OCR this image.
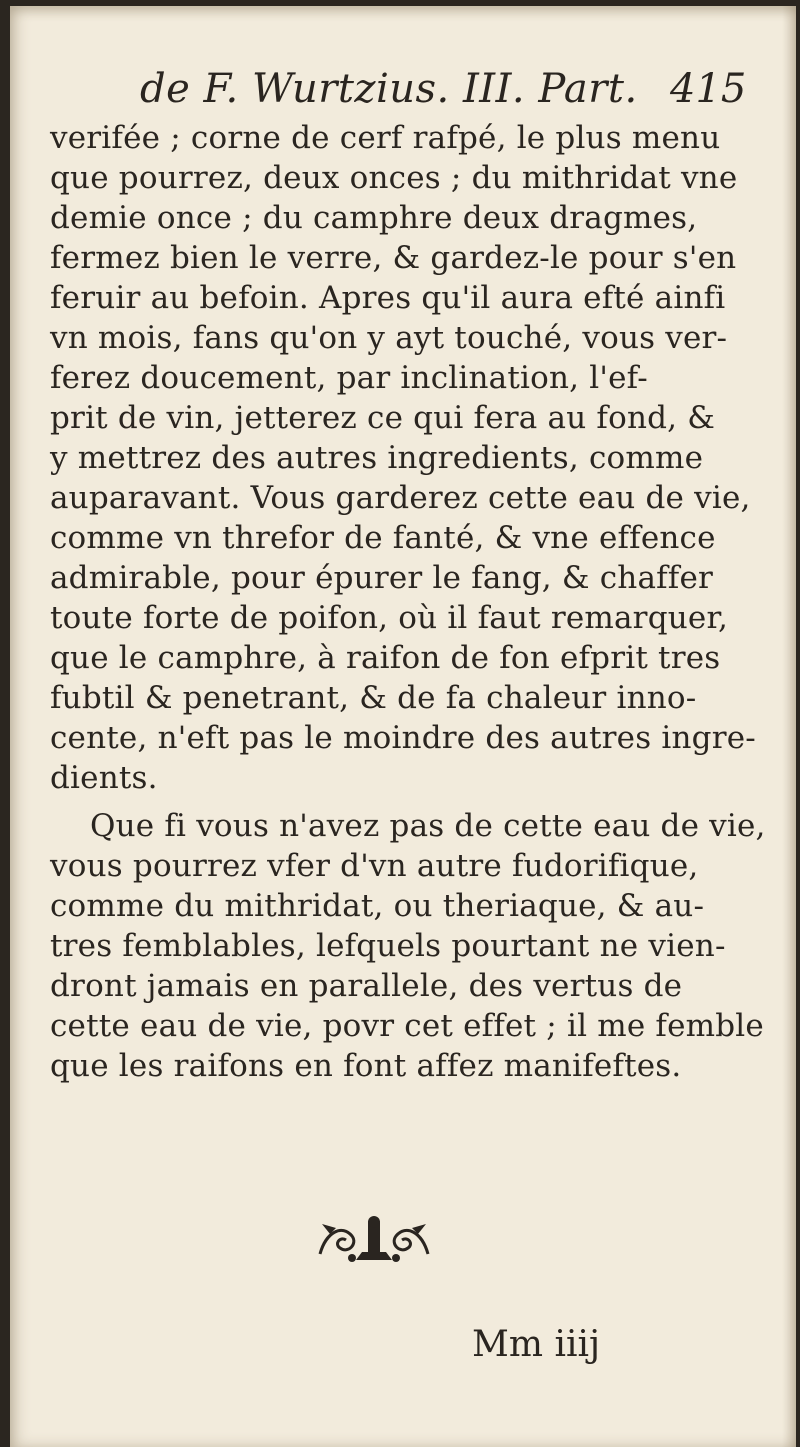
de F. Wurtzius. III. Part. 415
verifée ; corne de cerf rafpé, le plus menu
que pourrez, deux onces ; du mithridat vne
demie once ; du camphre deux dragmes,
fermez bien le verre, & gardez-le pour s'en
feruir au befoin. Apres qu'il aura efté ainfi
vn mois, fans qu'on y ayt touché, vous ver-
ferez doucement, par inclination, l'ef-
prit de vin, jetterez ce qui fera au fond, &
y mettrez des autres ingredients, comme
auparavant. Vous garderez cette eau de vie,
comme vn threfor de fanté, & vne effence
admirable, pour épurer le fang, & chaffer
toute forte de poifon, où il faut remarquer,
que le camphre, à raifon de fon efprit tres
fubtil & penetrant, & de fa chaleur inno-
cente, n'eft pas le moindre des autres ingre-
dients.
Que fi vous n'avez pas de cette eau de vie,
vous pourrez vfer d'vn autre fudorifique,
comme du mithridat, ou theriaque, & au-
tres femblables, lefquels pourtant ne vien-
dront jamais en parallele, des vertus de
cette eau de vie, povr cet effet ; il me femble
que les raifons en font affez manifeftes.
Mm iiij
